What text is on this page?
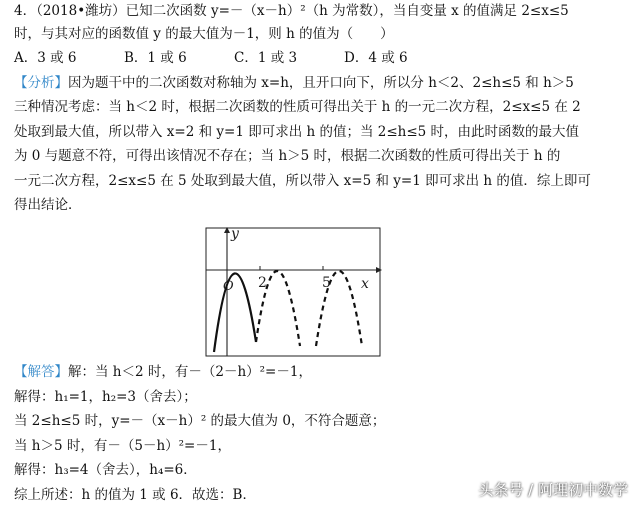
4．（2018•潍坊）已知二次函数 y=－（x－h）²（h 为常数），当自变量 x 的值满足 2≤x≤5
时，与其对应的函数值 y 的最大值为－1，则 h 的值为（　　）
A．3 或 6	B．1 或 6	C．1 或 3	D．4 或 6
【分析】因为题干中的二次函数对称轴为 x=h，且开口向下，所以分 h＜2、2≤h≤5 和 h＞5
三种情况考虑：当 h＜2 时，根据二次函数的性质可得出关于 h 的一元二次方程，2≤x≤5 在 2
处取到最大值，所以带入 x=2 和 y=1 即可求出 h 的值；当 2≤h≤5 时，由此时函数的最大值
为 0 与题意不符，可得出该情况不存在；当 h＞5 时，根据二次函数的性质可得出关于 h 的
一元二次方程，2≤x≤5 在 5 处取到最大值，所以带入 x=5 和 y=1 即可求出 h 的值．综上即可
得出结论．
y
x
O 2	5
【解答】解：当 h＜2 时，有－（2－h）²=－1，
解得：h₁=1，h₂=3（舍去）；
当 2≤h≤5 时，y=－（x－h）² 的最大值为 0，不符合题意；
当 h＞5 时，有－（5－h）²=－1，
解得：h₃=4（舍去），h₄=6．
综上所述：h 的值为 1 或 6．故选：B．	头条号 / 阿理初中数学
